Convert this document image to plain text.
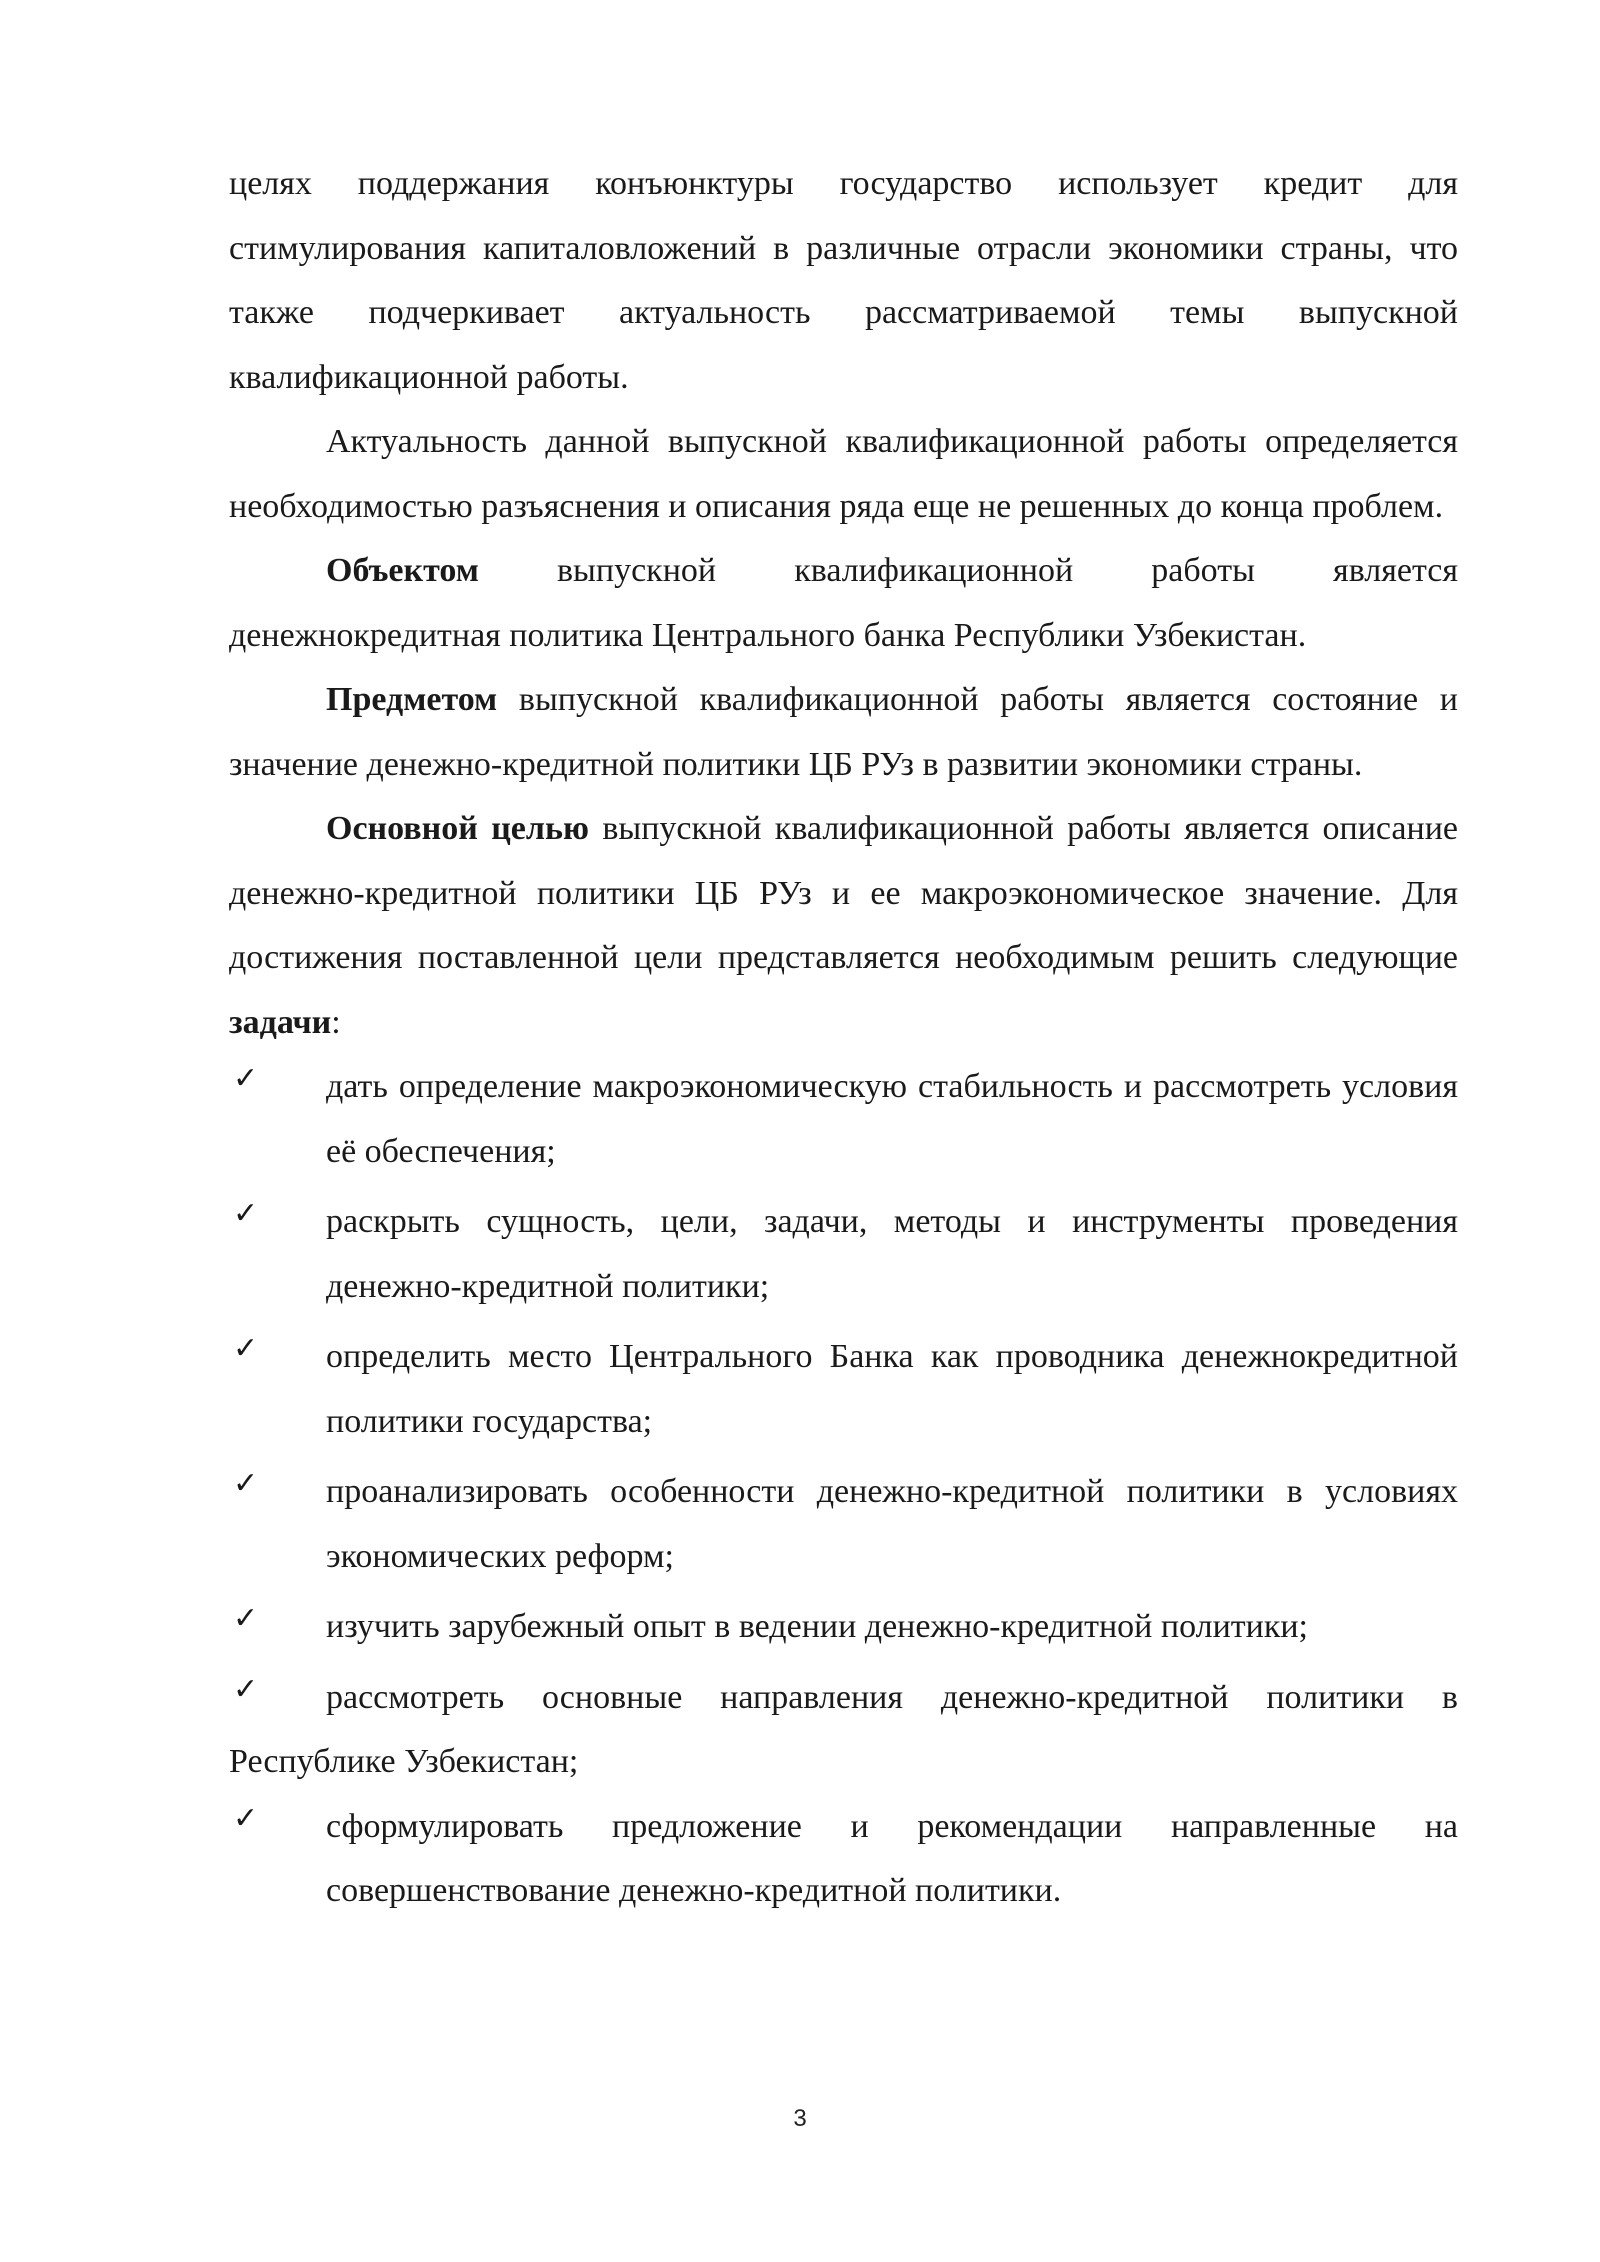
целях поддержания конъюнктуры государство использует кредит для стимулирования капиталовложений в различные отрасли экономики страны, что также подчеркивает актуальность рассматриваемой темы выпускной квалификационной работы.

Актуальность данной выпускной квалификационной работы определяется необходимостью разъяснения и описания ряда еще не решенных до конца проблем.

Объектом выпускной квалификационной работы является денежнокредитная политика Центрального банка Республики Узбекистан.

Предметом выпускной квалификационной работы является состояние и значение денежно-кредитной политики ЦБ РУз в развитии экономики страны.

Основной целью выпускной квалификационной работы является описание денежно-кредитной политики ЦБ РУз и ее макроэкономическое значение. Для достижения поставленной цели представляется необходимым решить следующие задачи:

✓ дать определение макроэкономическую стабильность и рассмотреть условия её обеспечения;
✓ раскрыть сущность, цели, задачи, методы и инструменты проведения денежно-кредитной политики;
✓ определить место Центрального Банка как проводника денежнокредитной политики государства;
✓ проанализировать особенности денежно-кредитной политики в условиях экономических реформ;
✓ изучить зарубежный опыт в ведении денежно-кредитной политики;
✓ рассмотреть основные направления денежно-кредитной политики в Республике Узбекистан;
✓ сформулировать предложение и рекомендации направленные на совершенствование денежно-кредитной политики.
3
